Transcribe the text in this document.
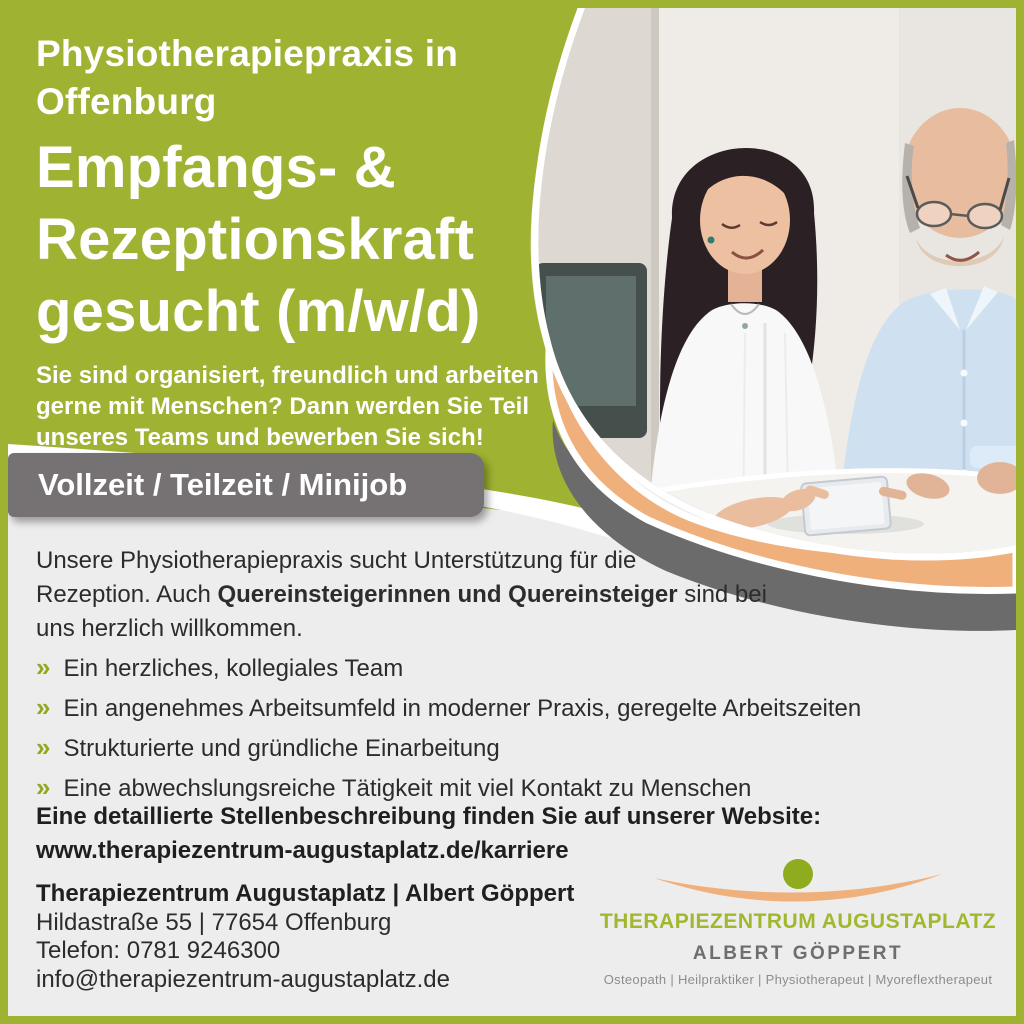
Physiotherapiepraxis in
Offenburg
Empfangs- &
Rezeptionskraft
gesucht (m/w/d)
Sie sind organisiert, freundlich und arbeiten
gerne mit Menschen? Dann werden Sie Teil
unseres Teams und bewerben Sie sich!
Vollzeit / Teilzeit / Minijob
Unsere Physiotherapiepraxis sucht Unterstützung für die
Rezeption. Auch Quereinsteigerinnen und Quereinsteiger sind bei
uns herzlich willkommen.
» Ein herzliches, kollegiales Team
» Ein angenehmes Arbeitsumfeld in moderner Praxis, geregelte Arbeitszeiten
» Strukturierte und gründliche Einarbeitung
» Eine abwechslungsreiche Tätigkeit mit viel Kontakt zu Menschen
Eine detaillierte Stellenbeschreibung finden Sie auf unserer Website:
www.therapiezentrum-augustaplatz.de/karriere
Therapiezentrum Augustaplatz | Albert Göppert
Hildastraße 55 | 77654 Offenburg
Telefon: 0781 9246300
info@therapiezentrum-augustaplatz.de
THERAPIEZENTRUM AUGUSTAPLATZ
ALBERT GÖPPERT
Osteopath | Heilpraktiker | Physiotherapeut | Myoreflextherapeut
